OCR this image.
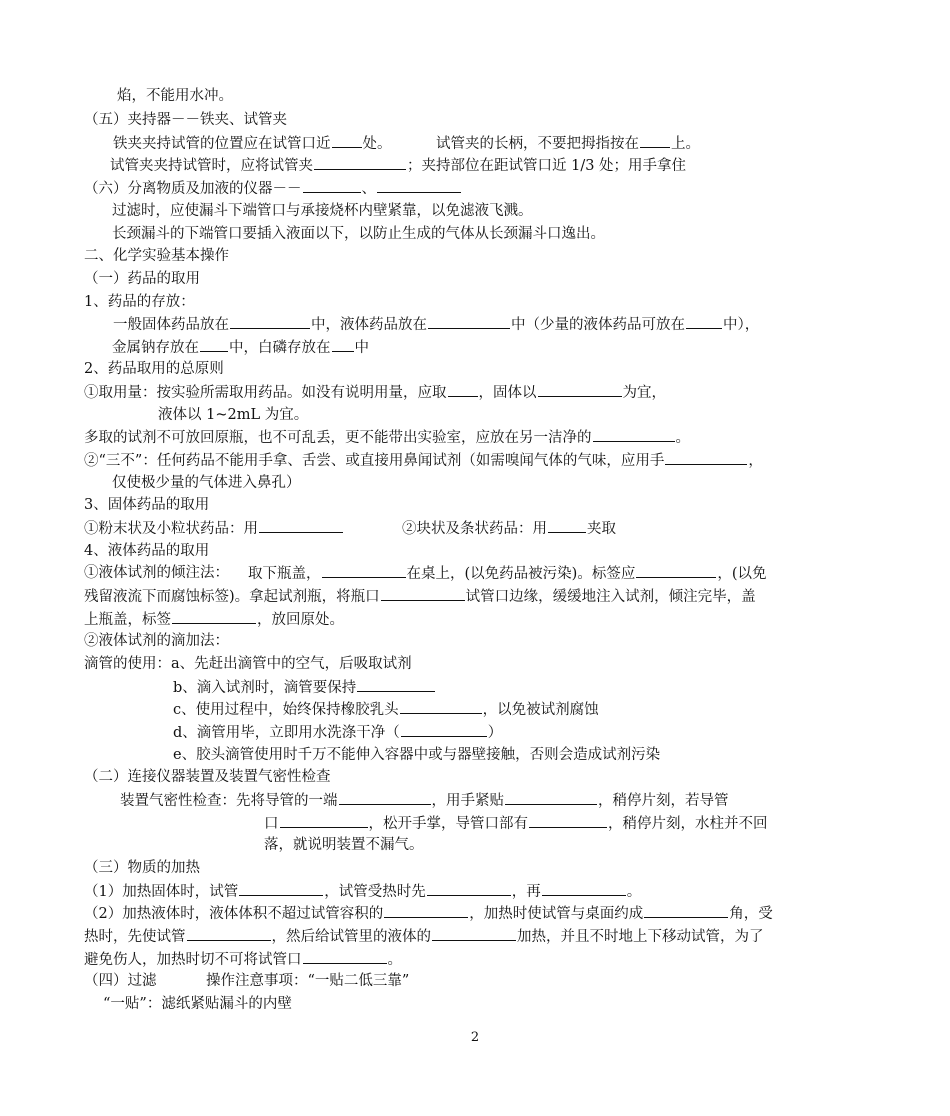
焰，不能用水冲。
（五）夹持器－－铁夹、试管夹
铁夹夹持试管的位置应在试管口近 处。	试管夹的长柄，不要把拇指按在 上。
试管夹夹持试管时，应将试管夹	；夹持部位在距试管口近 1/3 处；用手拿住
（六）分离物质及加液的仪器－－	、
过滤时，应使漏斗下端管口与承接烧杯内壁紧靠，以免滤液飞溅。
长颈漏斗的下端管口要插入液面以下，以防止生成的气体从长颈漏斗口逸出。
二、化学实验基本操作
（一）药品的取用
1、药品的存放：
一般固体药品放在	中，液体药品放在	中（少量的液体药品可放在	中），
金属钠存放在 中，白磷存放在 中
2、药品取用的总原则
①取用量：按实验所需取用药品。如没有说明用量，应取 ，固体以	为宜，
液体以 1~2mL 为宜。
多取的试剂不可放回原瓶，也不可乱丢，更不能带出实验室，应放在另一洁净的	。
②“三不”：任何药品不能用手拿、舌尝、或直接用鼻闻试剂（如需嗅闻气体的气味，应用手	，
仅使极少量的气体进入鼻孔）
3、固体药品的取用
①粉末状及小粒状药品：用	②块状及条状药品：用	夹取
4、液体药品的取用
①液体试剂的倾注法： 取下瓶盖，	在桌上，(以免药品被污染)。标签应	，(以免
残留液流下而腐蚀标签)。拿起试剂瓶，将瓶口	试管口边缘，缓缓地注入试剂，倾注完毕，盖
上瓶盖，标签	，放回原处。
②液体试剂的滴加法：
滴管的使用：a、先赶出滴管中的空气，后吸取试剂
b、滴入试剂时，滴管要保持
c、使用过程中，始终保持橡胶乳头	，以免被试剂腐蚀
d、滴管用毕，立即用水洗涤干净（	）
e、胶头滴管使用时千万不能伸入容器中或与器壁接触，否则会造成试剂污染
（二）连接仪器装置及装置气密性检查
装置气密性检查：先将导管的一端	，用手紧贴	，稍停片刻，若导管
口	，松开手掌，导管口部有	，稍停片刻，水柱并不回
落，就说明装置不漏气。
（三）物质的加热
（1）加热固体时，试管	，试管受热时先	，再	。
（2）加热液体时，液体体积不超过试管容积的	，加热时使试管与桌面约成	角，受
热时，先使试管	，然后给试管里的液体的	加热，并且不时地上下移动试管，为了
避免伤人，加热时切不可将试管口	。
（四）过滤	操作注意事项：“一贴二低三靠”
“一贴”：滤纸紧贴漏斗的内壁
2
